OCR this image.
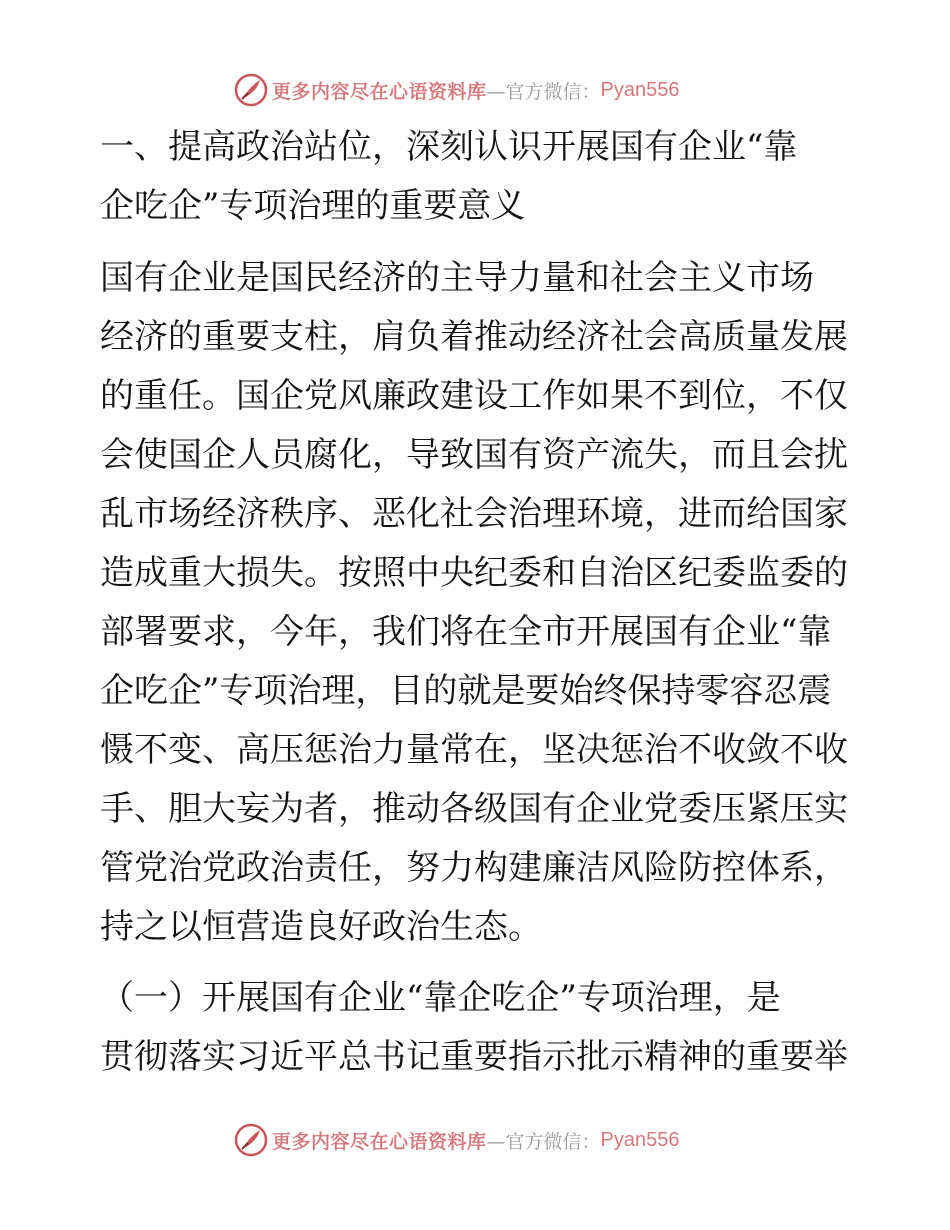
更多内容尽在心语资料库 —官方微信： Pyan556

一、提高政治站位，深刻认识开展国有企业“靠

企吃企”专项治理的重要意义

国有企业是国民经济的主导力量和社会主义市场

经济的重要支柱，肩负着推动经济社会高质量发展

的重任。国企党风廉政建设工作如果不到位，不仅

会使国企人员腐化，导致国有资产流失，而且会扰

乱市场经济秩序、恶化社会治理环境，进而给国家

造成重大损失。按照中央纪委和自治区纪委监委的

部署要求，今年，我们将在全市开展国有企业“靠

企吃企”专项治理，目的就是要始终保持零容忍震

慑不变、高压惩治力量常在，坚决惩治不收敛不收

手、胆大妄为者，推动各级国有企业党委压紧压实

管党治党政治责任，努力构建廉洁风险防控体系，

持之以恒营造良好政治生态。

（一）开展国有企业“靠企吃企”专项治理，是

贯彻落实习近平总书记重要指示批示精神的重要举

更多内容尽在心语资料库 —官方微信： Pyan556
